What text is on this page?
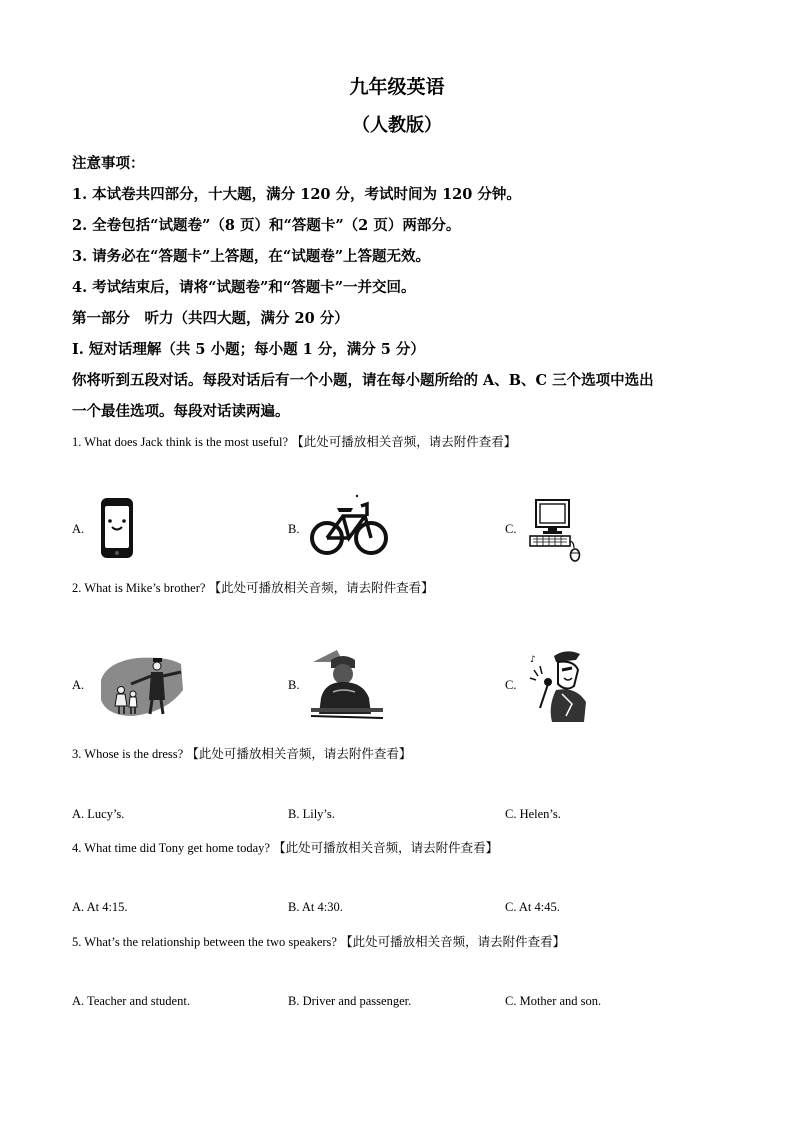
九年级英语
（人教版）
注意事项：
1. 本试卷共四部分，十大题，满分 120 分，考试时间为 120 分钟。
2. 全卷包括“试题卷”（8 页）和“答题卡”（2 页）两部分。
3. 请务必在“答题卡”上答题，在“试题卷”上答题无效。
4. 考试结束后，请将“试题卷”和“答题卡”一并交回。
第一部分　听力（共四大题，满分 20 分）
Ⅰ. 短对话理解（共 5 小题；每小题 1 分，满分 5 分）
你将听到五段对话。每段对话后有一个小题，请在每小题所给的 A、B、C 三个选项中选出
一个最佳选项。每段对话读两遍。
1. What does Jack think is the most useful? 【此处可播放相关音频，请去附件查看】
A.	B.	C.
2. What is Mike’s brother? 【此处可播放相关音频，请去附件查看】
A.	B.	C.
♪
3. Whose is the dress? 【此处可播放相关音频，请去附件查看】
A. Lucy’s.	B. Lily’s.	C. Helen’s.
4. What time did Tony get home today? 【此处可播放相关音频，请去附件查看】
A. At 4:15.	B. At 4:30.	C. At 4:45.
5. What’s the relationship between the two speakers? 【此处可播放相关音频，请去附件查看】
A. Teacher and student.	B. Driver and passenger.	C. Mother and son.
